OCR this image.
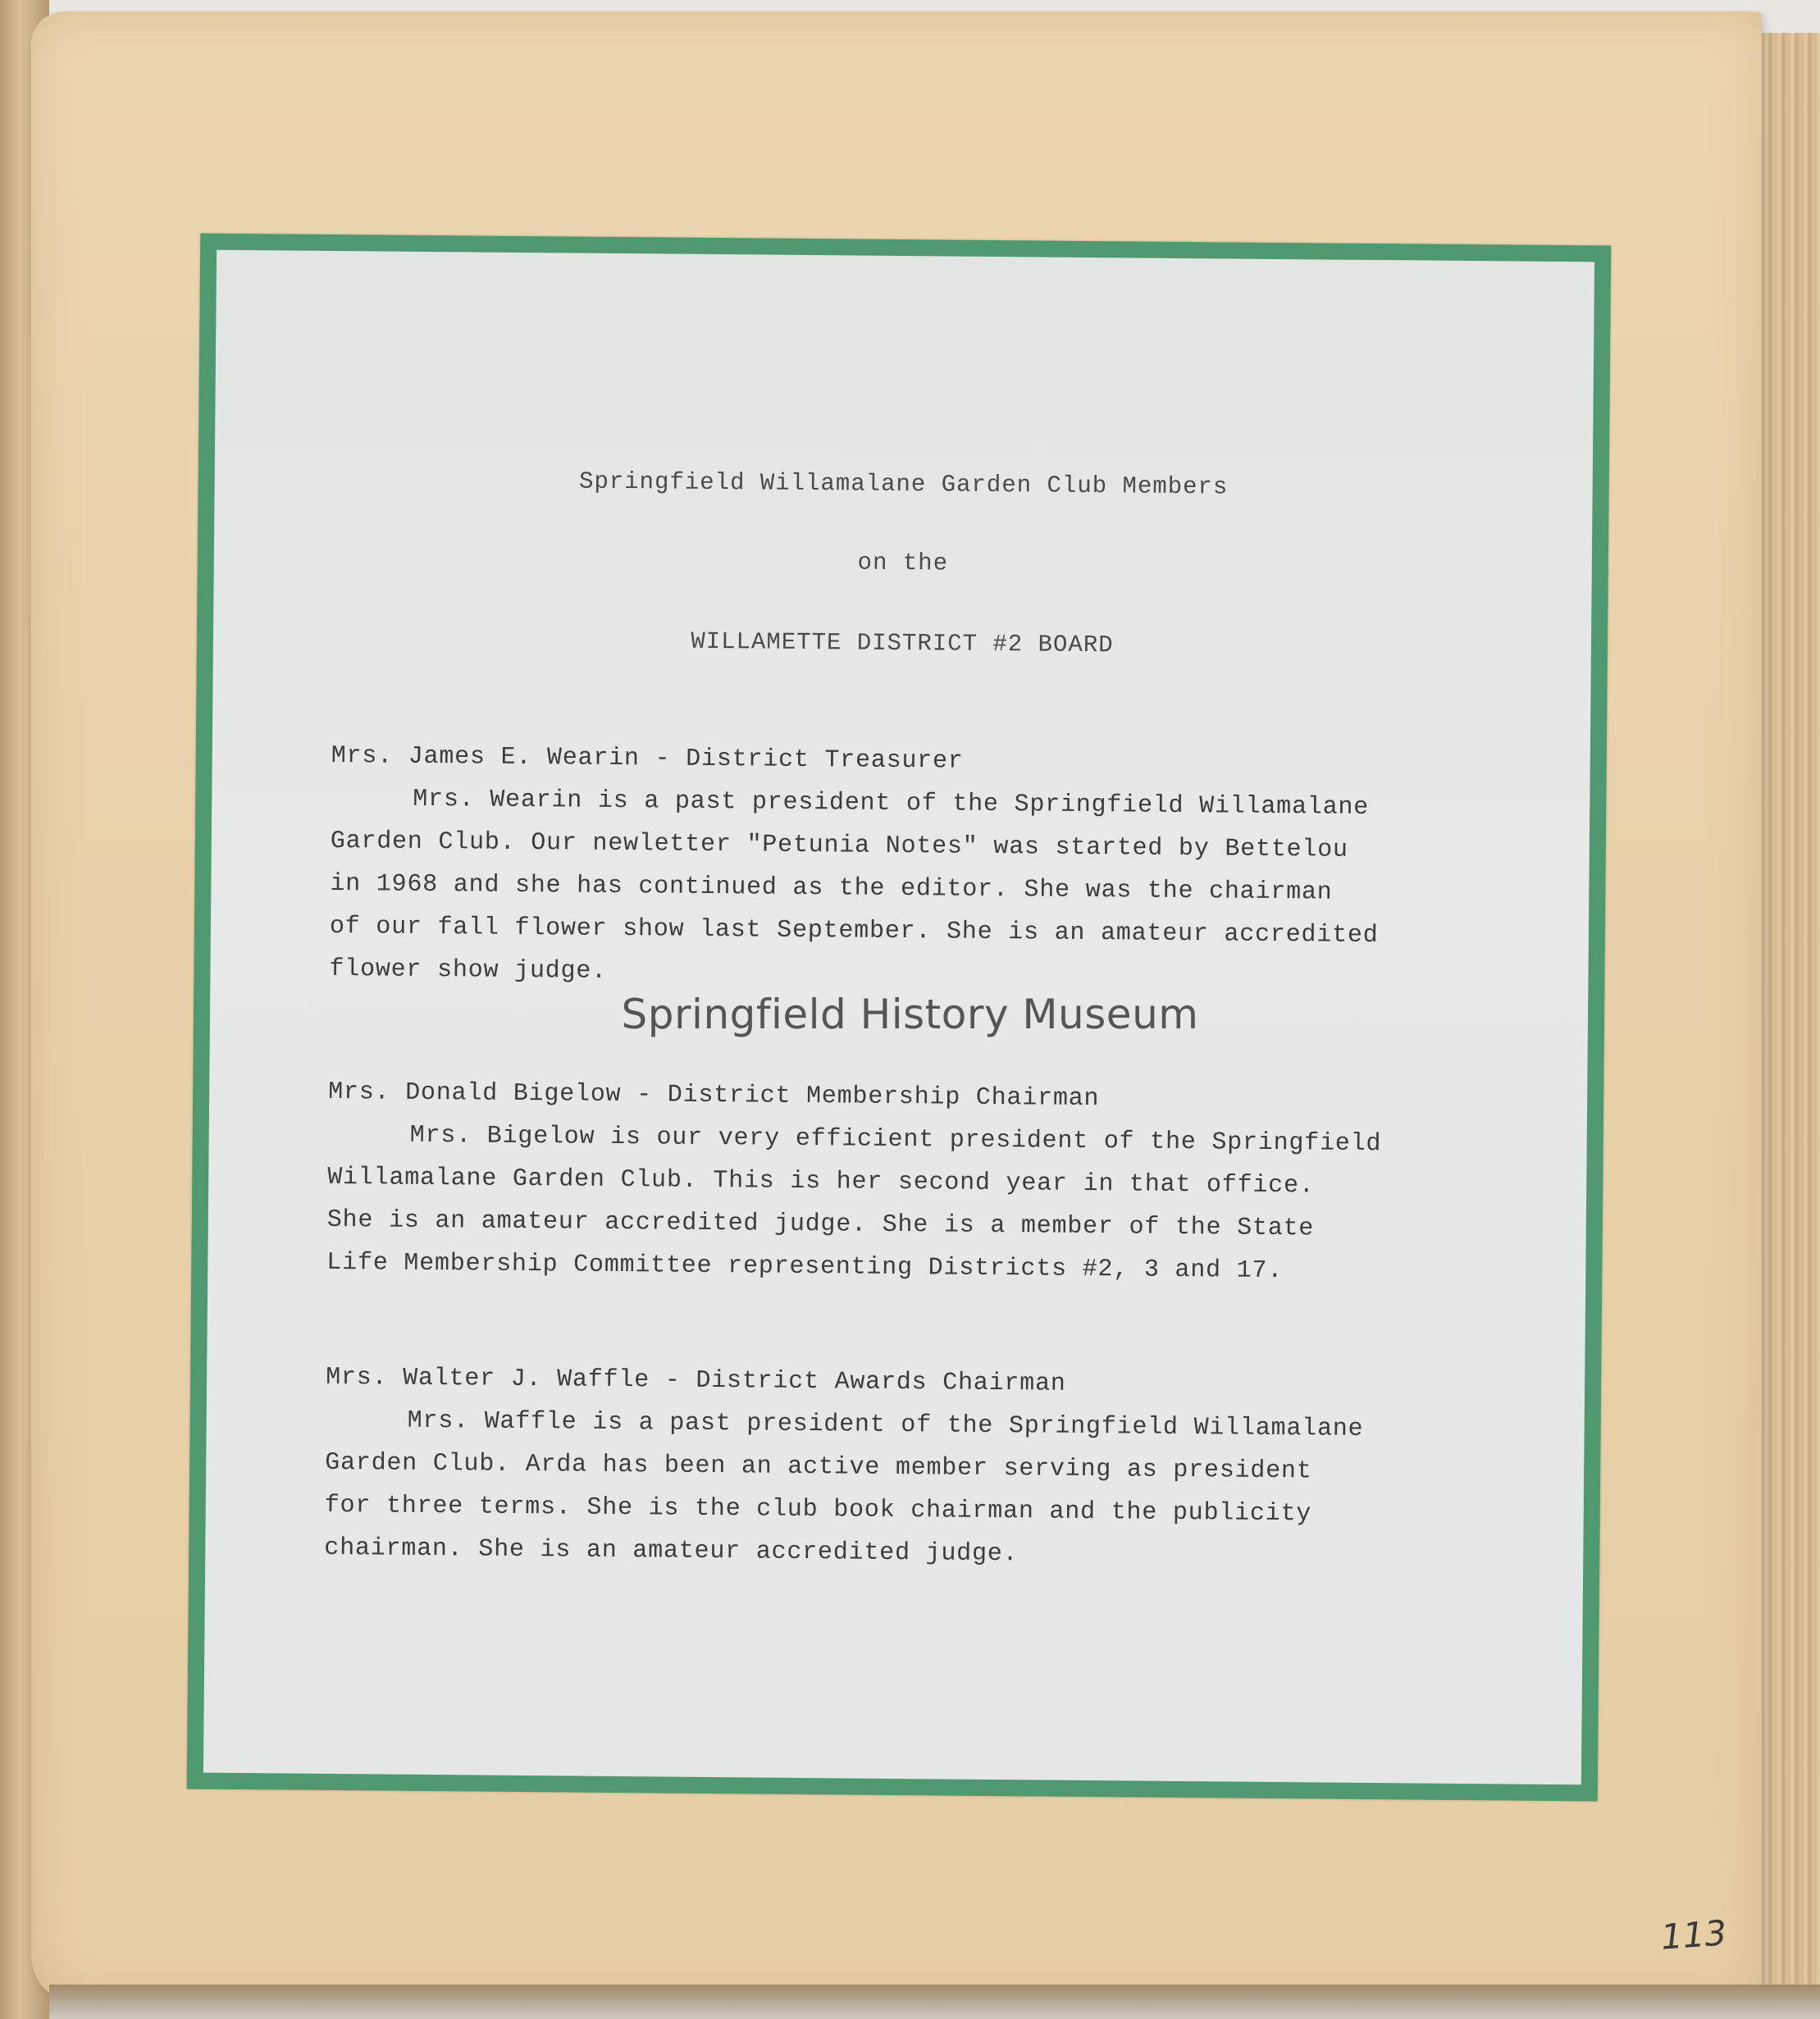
Springfield Willamalane Garden Club Members
on the
WILLAMETTE DISTRICT #2 BOARD
Mrs. James E. Wearin - District Treasurer
Mrs. Wearin is a past president of the Springfield Willamalane
Garden Club. Our newletter "Petunia Notes" was started by Bettelou
in 1968 and she has continued as the editor. She was the chairman
of our fall flower show last September. She is an amateur accredited
flower show judge.
Mrs. Donald Bigelow - District Membership Chairman
Mrs. Bigelow is our very efficient president of the Springfield
Willamalane Garden Club. This is her second year in that office.
She is an amateur accredited judge. She is a member of the State
Life Membership Committee representing Districts #2, 3 and 17.
Mrs. Walter J. Waffle - District Awards Chairman
Mrs. Waffle is a past president of the Springfield Willamalane
Garden Club. Arda has been an active member serving as president
for three terms. She is the club book chairman and the publicity
chairman. She is an amateur accredited judge.
Springfield History Museum
113
